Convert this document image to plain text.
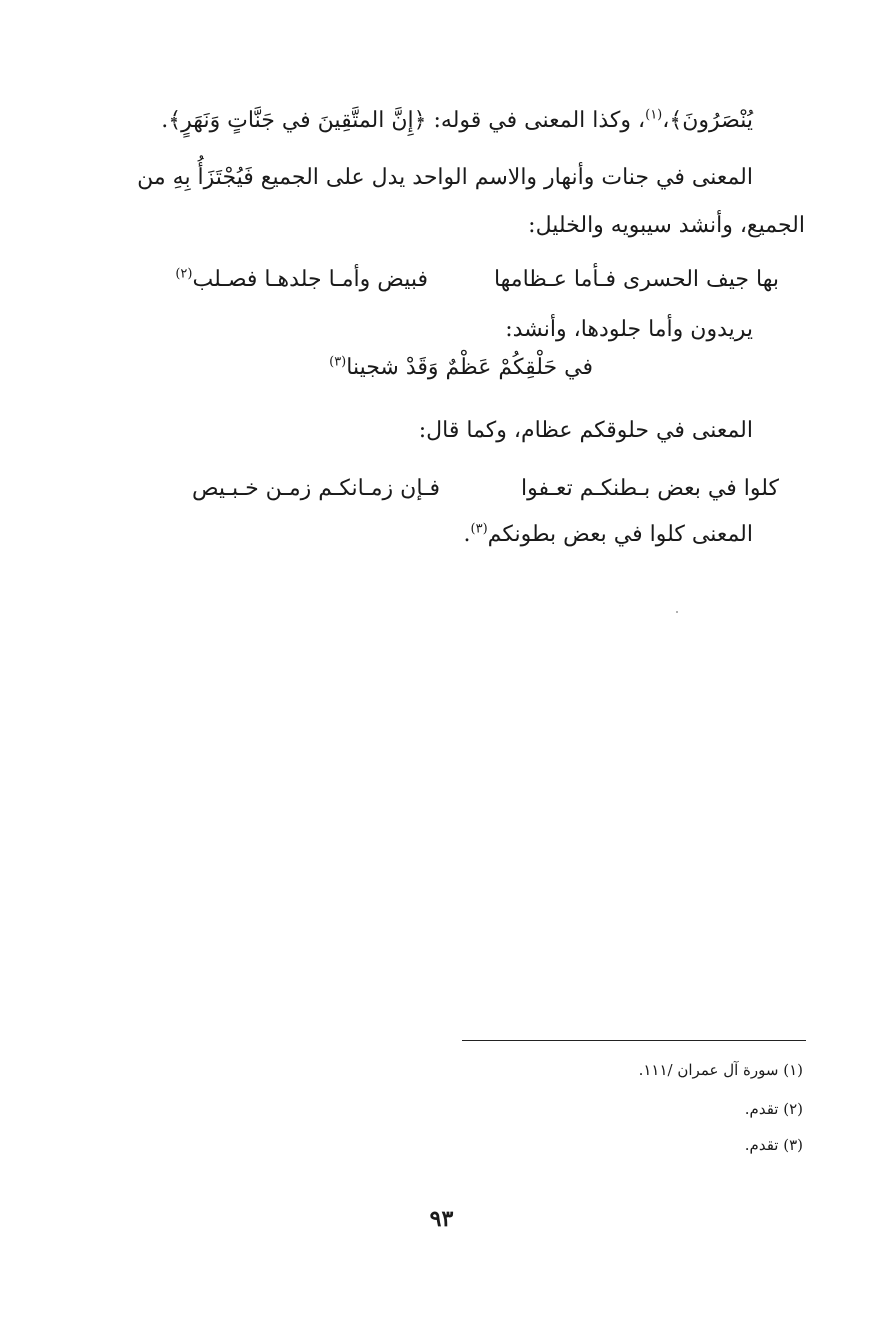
يُنْصَرُونَ﴾،$^{(١)}$، وكذا المعنى في قوله: ﴿إِنَّ المتَّقِينَ في جَنَّاتٍ وَنَهَرٍ﴾.
المعنى في جنات وأنهار والاسم الواحد يدل على الجميع فَيُجْتَزَأُ بِهِ من
الجميع، وأنشد سيبويه والخليل:
بها جيف الحسرى فـأما عـظامها
فبيض وأمـا جلدهـا فصـلب$^{(٢)}$
يريدون وأما جلودها، وأنشد:
في حَلْقِكُمْ عَظْمٌ وَقَدْ شجينا$^{(٣)}$
المعنى في حلوقكم عظام، وكما قال:
كلوا في بعض بـطنكـم تعـفوا
فـإن زمـانكـم زمـن خـبـيص
المعنى كلوا في بعض بطونكم$^{(٣)}$.
(١) سورة آل عمران /١١١.
(٢) تقدم.
(٣) تقدم.
٩٣
